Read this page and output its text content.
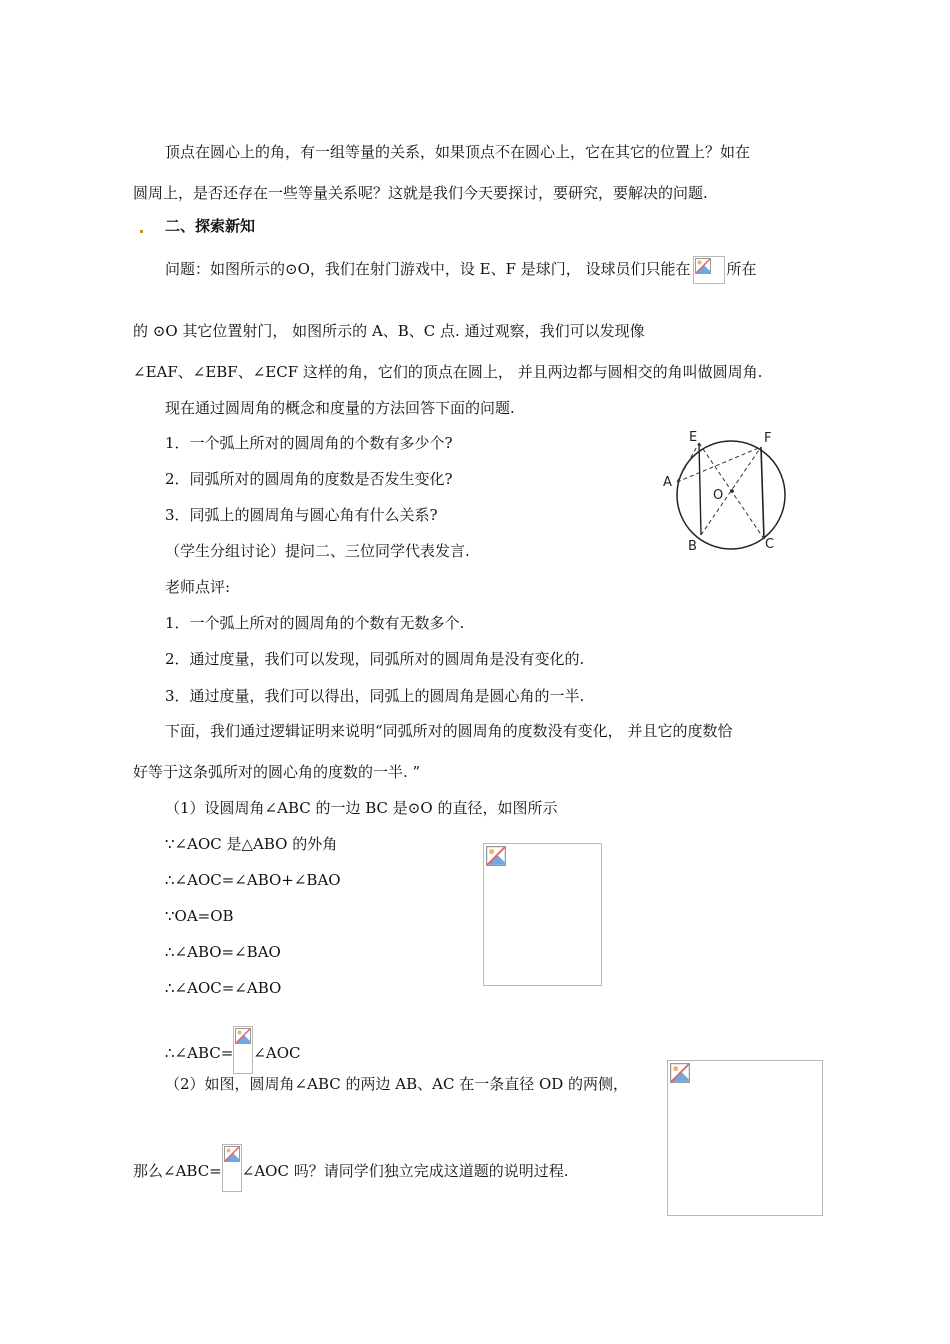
顶点在圆心上的角，有一组等量的关系，如果顶点不在圆心上，它在其它的位置上？如在
圆周上，是否还存在一些等量关系呢？这就是我们今天要探讨，要研究，要解决的问题.
二、探索新知
问题：如图所示的⊙O，我们在射门游戏中，设 E、F 是球门， 设球员们只能在 所在
的 ⊙O 其它位置射门， 如图所示的 A、B、C 点. 通过观察，我们可以发现像
∠EAF、∠EBF、∠ECF 这样的角，它们的顶点在圆上， 并且两边都与圆相交的角叫做圆周角.
现在通过圆周角的概念和度量的方法回答下面的问题.
1．一个弧上所对的圆周角的个数有多少个?
2．同弧所对的圆周角的度数是否发生变化?
3．同弧上的圆周角与圆心角有什么关系?
（学生分组讨论）提问二、三位同学代表发言.
E	F
A
O
B	C
老师点评:
1．一个弧上所对的圆周角的个数有无数多个.
2．通过度量，我们可以发现，同弧所对的圆周角是没有变化的.
3．通过度量，我们可以得出，同弧上的圆周角是圆心角的一半.
下面，我们通过逻辑证明来说明“同弧所对的圆周角的度数没有变化， 并且它的度数恰
好等于这条弧所对的圆心角的度数的一半. ”
（1）设圆周角∠ABC 的一边 BC 是⊙O 的直径，如图所示
∵∠AOC 是△ABO 的外角
∴∠AOC=∠ABO+∠BAO
∵OA=OB
∴∠ABO=∠BAO
∴∠AOC=∠ABO
∴∠ABC= ∠AOC
（2）如图，圆周角∠ABC 的两边 AB、AC 在一条直径 OD 的两侧，
那么∠ABC= ∠AOC 吗？请同学们独立完成这道题的说明过程.
